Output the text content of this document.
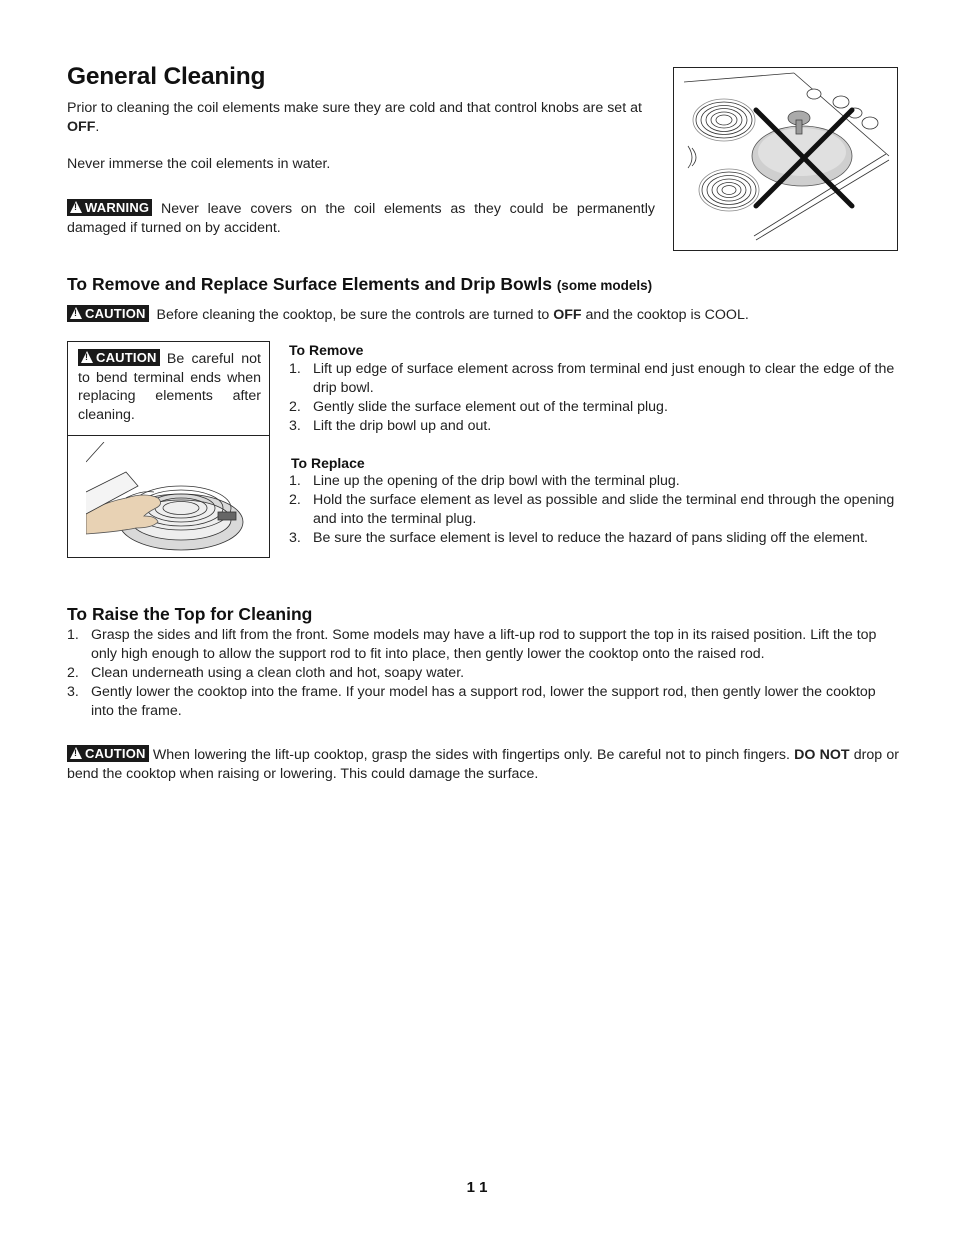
General Cleaning
Prior to cleaning the coil elements make sure they are cold and that control knobs are set at OFF.
Never immerse the coil elements in water.
!WARNING Never leave covers on the coil elements as they could be permanently damaged if turned on by accident.
To Remove and Replace Surface Elements and Drip Bowls (some models)
!CAUTION  Before cleaning the cooktop, be sure the controls are turned to OFF and the cooktop is COOL.
!CAUTION Be careful not to bend terminal ends when replacing elements after cleaning.
To Remove
1. Lift up edge of surface element across from terminal end just enough to clear the edge of the drip bowl.
2. Gently slide the surface element out of the terminal plug.
3. Lift the drip bowl up and out.
To Replace
1. Line up the opening of the drip bowl with the terminal plug.
2. Hold the surface element as level as possible and slide the terminal end through the opening and into the terminal plug.
3. Be sure the surface element is level to reduce the hazard of pans sliding off the element.
To Raise the Top for Cleaning
1. Grasp the sides and lift from the front. Some models may have a lift-up rod to support the top in its raised position. Lift the top only high enough to allow the support rod to fit into place, then gently lower the cooktop onto the raised rod.
2. Clean underneath using a clean cloth and hot, soapy water.
3. Gently lower the cooktop into the frame. If your model has a support rod, lower the support rod, then gently lower the cooktop into the frame.
!CAUTION When lowering the lift-up cooktop, grasp the sides with fingertips only. Be careful not to pinch fingers. DO NOT drop or bend the cooktop when raising or lowering. This could damage the surface.
1 1
